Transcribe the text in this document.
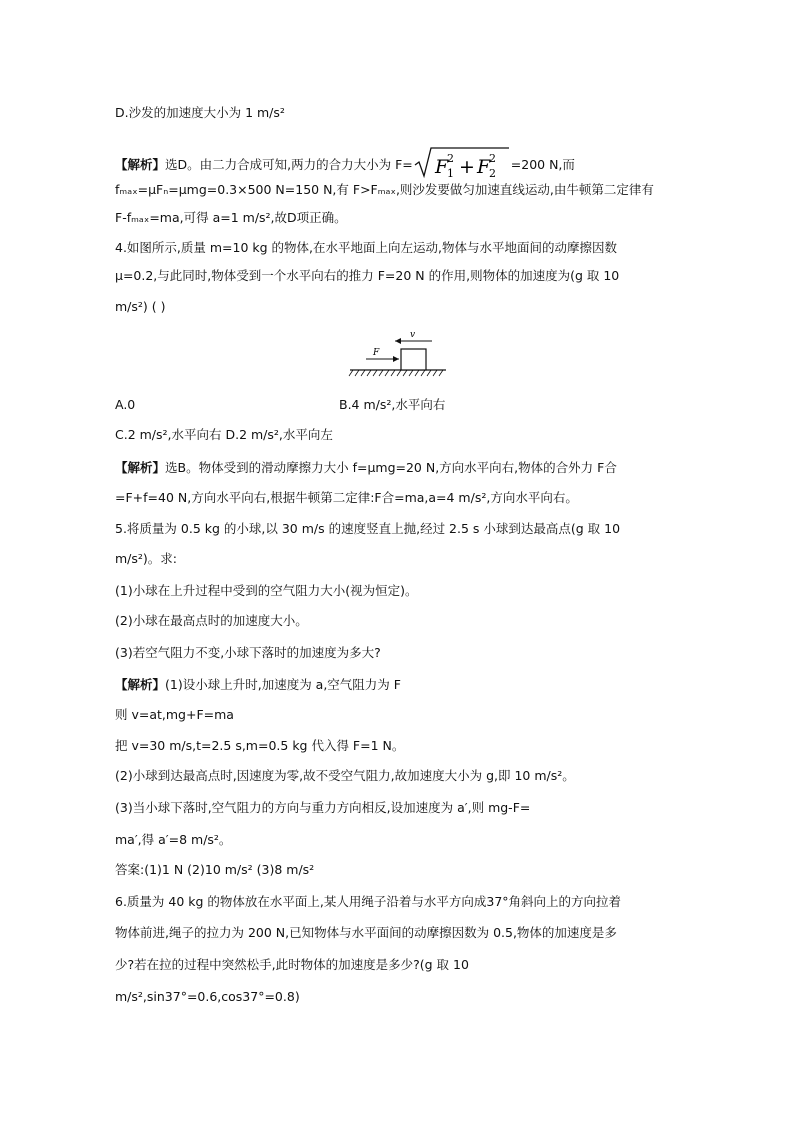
D.沙发的加速度大小为 1 m/s²
【解析】选D。由二力合成可知,两力的合力大小为 F= F
2
1 + F
2
2
=200 N,而
fₘₐₓ=μFₙ=μmg=0.3×500 N=150 N,有 F>Fₘₐₓ,则沙发要做匀加速直线运动,由牛顿第二定律有
F-fₘₐₓ=ma,可得 a=1 m/s²,故D项正确。
4.如图所示,质量 m=10 kg 的物体,在水平地面上向左运动,物体与水平地面间的动摩擦因数
μ=0.2,与此同时,物体受到一个水平向右的推力 F=20 N 的作用,则物体的加速度为(g 取 10
m/s²) ( )
F
v
A.0	B.4 m/s²,水平向右
C.2 m/s²,水平向右 D.2 m/s²,水平向左
【解析】选B。物体受到的滑动摩擦力大小 f=μmg=20 N,方向水平向右,物体的合外力 F合
=F+f=40 N,方向水平向右,根据牛顿第二定律:F合=ma,a=4 m/s²,方向水平向右。
5.将质量为 0.5 kg 的小球,以 30 m/s 的速度竖直上抛,经过 2.5 s 小球到达最高点(g 取 10
m/s²)。求:
(1)小球在上升过程中受到的空气阻力大小(视为恒定)。
(2)小球在最高点时的加速度大小。
(3)若空气阻力不变,小球下落时的加速度为多大?
【解析】(1)设小球上升时,加速度为 a,空气阻力为 F
则 v=at,mg+F=ma
把 v=30 m/s,t=2.5 s,m=0.5 kg 代入得 F=1 N。
(2)小球到达最高点时,因速度为零,故不受空气阻力,故加速度大小为 g,即 10 m/s²。
(3)当小球下落时,空气阻力的方向与重力方向相反,设加速度为 a′,则 mg-F=
ma′,得 a′=8 m/s²。
答案:(1)1 N (2)10 m/s² (3)8 m/s²
6.质量为 40 kg 的物体放在水平面上,某人用绳子沿着与水平方向成37°角斜向上的方向拉着
物体前进,绳子的拉力为 200 N,已知物体与水平面间的动摩擦因数为 0.5,物体的加速度是多
少?若在拉的过程中突然松手,此时物体的加速度是多少?(g 取 10
m/s²,sin37°=0.6,cos37°=0.8)
